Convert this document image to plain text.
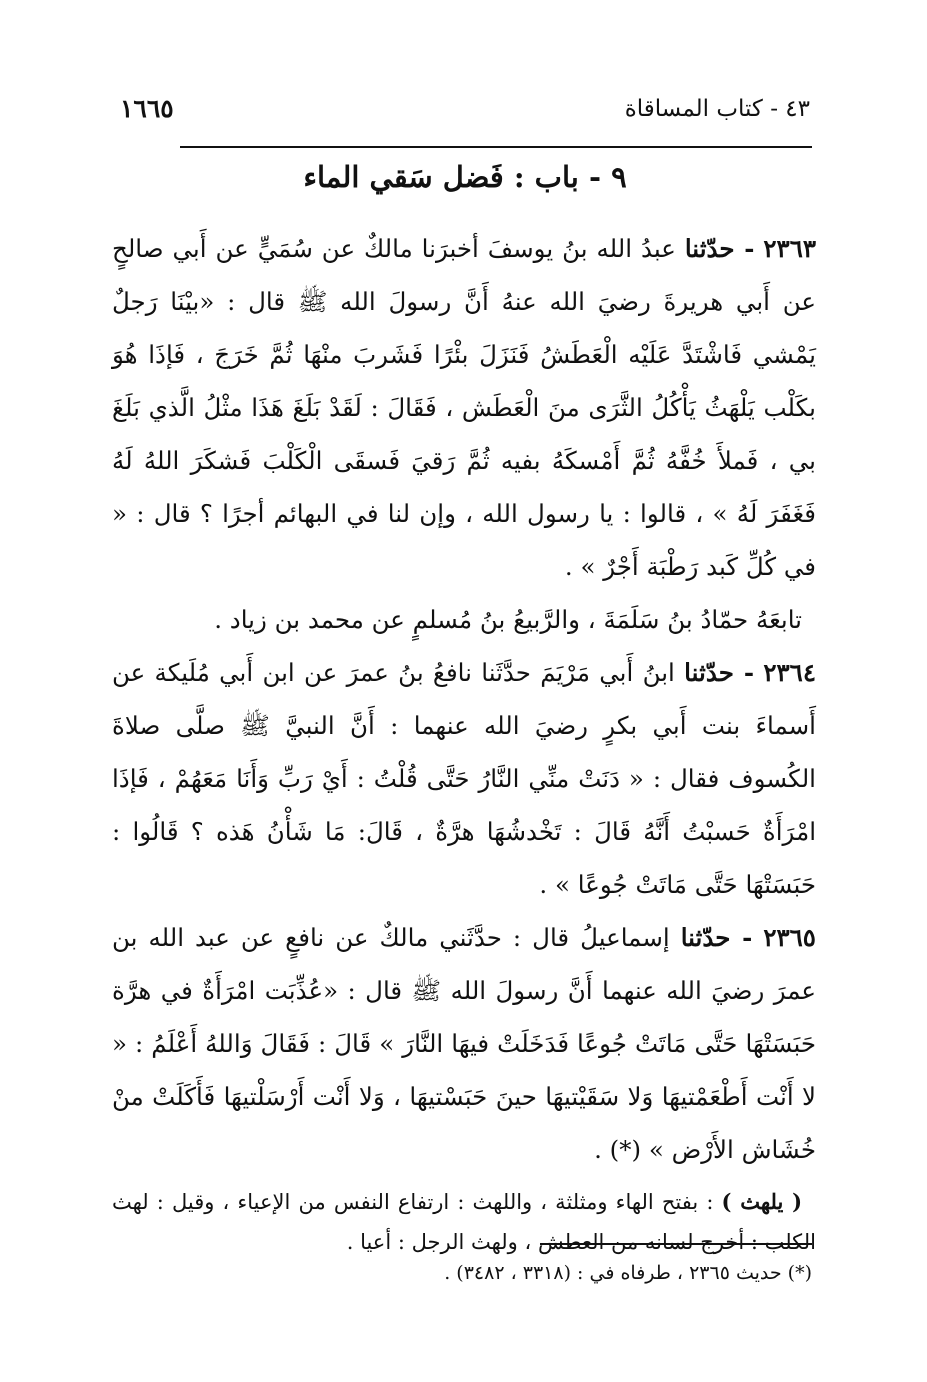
٤٣ - كتاب المساقاة
١٦٦٥
٩ - باب : فَضل سَقي الماء

٢٣٦٣ - حدّثنا عبدُ الله بنُ يوسفَ أخبرَنا مالكٌ عن سُمَيٍّ عن أَبي صالحٍ عن أَبي هريرةَ رضيَ الله عنهُ أَنَّ رسولَ الله ﷺ قال : «بيْنَا رَجلٌ يَمْشي فَاشْتَدَّ عَلَيْه الْعَطَشُ فَنَزَلَ بئْرًا فَشَربَ منْهَا ثُمَّ خَرَجَ ، فَإذَا هُوَ بكَلْب يَلْهَثُ يَأْكُلُ الثَّرَى منَ الْعَطَش ، فَقَالَ : لَقَدْ بَلَغَ هَذَا مثْلُ الَّذي بَلَغَ بي ، فَملأَ خُفَّهُ ثُمَّ أَمْسكَهُ بفيه ثُمَّ رَقيَ فَسقَى الْكَلْبَ فَشكَرَ اللهُ لَهُ فَغَفَرَ لَهُ » ، قالوا : يا رسول الله ، وإن لنا في البهائم أجرًا ؟ قال : « في كُلِّ كَبد رَطْبَة أَجْرٌ » .

تابعَهُ حمّادُ بنُ سَلَمَةَ ، والرَّبيعُ بنُ مُسلمٍ عن محمد بن زياد .

٢٣٦٤ - حدّثنا ابنُ أَبي مَرْيَمَ حدَّثَنا نافعُ بنُ عمرَ عن ابن أَبي مُلَيكة عن أَسماءَ بنت أَبي بكرٍ رضيَ الله عنهما : أَنَّ النبيَّ ﷺ صلَّى صلاةَ الكُسوف فقال : « دَنَتْ منِّي النَّارُ حَتَّى قُلْتُ : أَيْ رَبِّ وَأَنَا مَعَهُمْ ، فَإذَا امْرَأَةٌ حَسبْتُ أَنَّهُ قَالَ : تَخْدشُهَا هرَّةٌ ، قَالَ: مَا شَأْنُ هَذه ؟ قَالُوا : حَبَسَتْهَا حَتَّى مَاتَتْ جُوعًا » .

٢٣٦٥ - حدّثنا إسماعيلُ قال : حدَّثَني مالكٌ عن نافعٍ عن عبد الله بن عمرَ رضيَ الله عنهما أَنَّ رسولَ الله ﷺ قال : «عُذِّبَت امْرَأَةٌ في هرَّة حَبَسَتْهَا حَتَّى مَاتَتْ جُوعًا فَدَخَلَتْ فيهَا النَّارَ » قَالَ : فَقَالَ وَاللهُ أَعْلَمُ : « لا أَنْت أَطْعَمْتيهَا وَلا سَقَيْتيهَا حينَ حَبَسْتيهَا ، وَلا أَنْت أَرْسَلْتيهَا فَأَكَلَتْ منْ خُشَاش الأَرْض » (*) .

( يلهث ) : بفتح الهاء ومثلثة ، واللهث : ارتفاع النفس من الإعياء ، وقيل : لهث الكلب : أخرج لسانه من العطش ، ولهث الرجل : أعيا .

(*) حديث ٢٣٦٥ ، طرفاه في : (٣٣١٨ ، ٣٤٨٢) .
